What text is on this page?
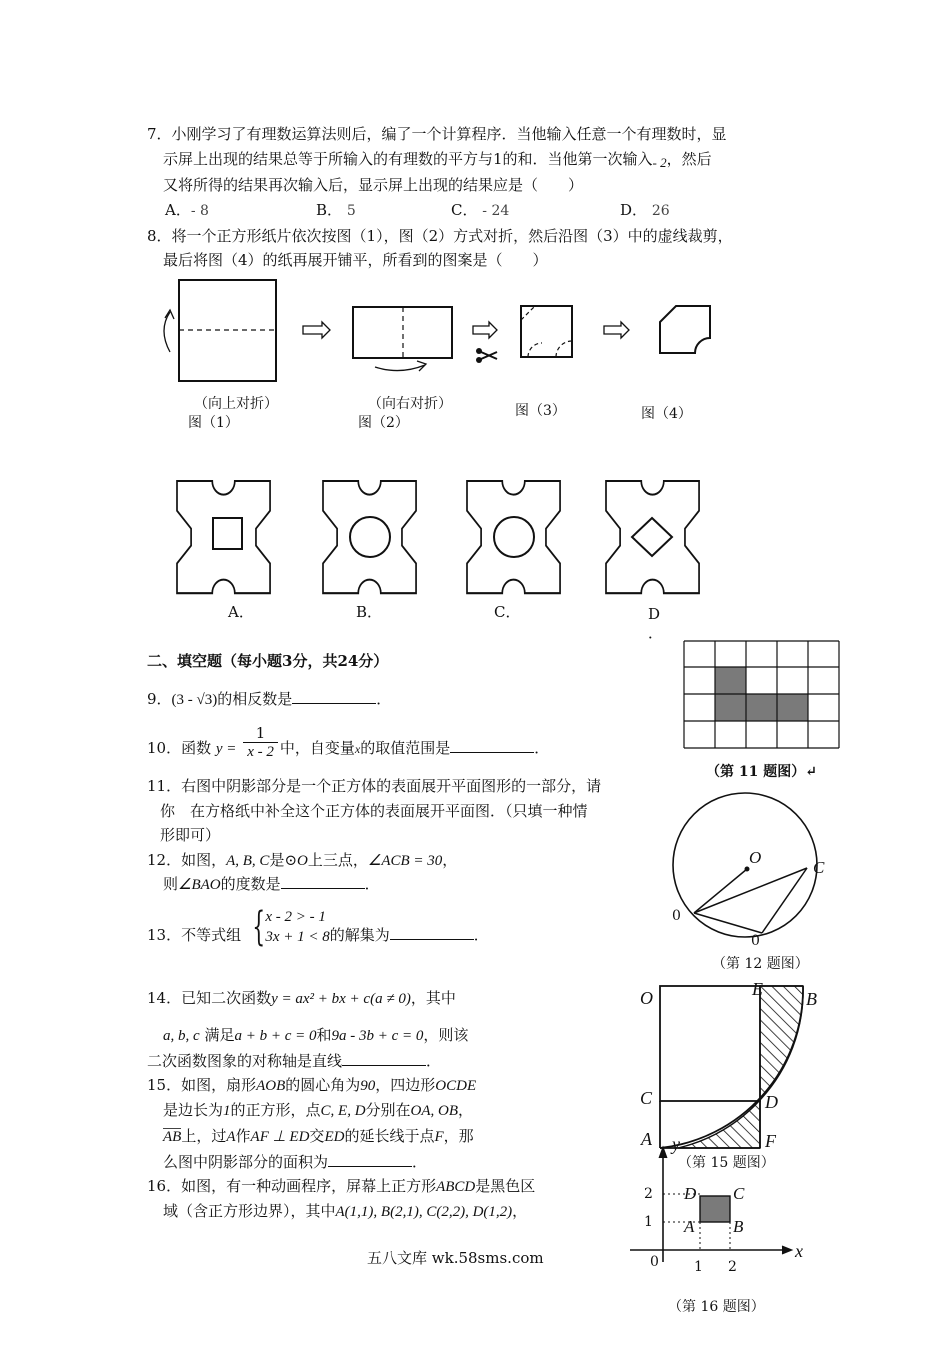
7．小刚学习了有理数运算法则后，编了一个计算程序．当他输入任意一个有理数时，显
示屏上出现的结果总等于所输入的有理数的平方与1的和．当他第一次输入- 2，然后
又将所得的结果再次输入后，显示屏上出现的结果应是（　　）
A．- 8	B． 5	C． - 24	D． 26
8．将一个正方形纸片依次按图（1），图（2）方式对折，然后沿图（3）中的虚线裁剪，
最后将图（4）的纸再展开铺平，所看到的图案是（　　）
（向上对折）
图（1）
（向右对折）
图（2）
图（3）	图（4）
A．	B．	C．	D
．
二、填空题（每小题3分，共24分）
9．(3 - √3)的相反数是	．
10．函数 $y = \frac{1}{x - 2}$ 中，自变量x的取值范围是	．
11．右图中阴影部分是一个正方体的表面展开平面图形的一部分，请
你　在方格纸中补全这个正方体的表面展开平面图．（只填一种情
形即可）
（第 11 题图）↵
12．如图，A, B, C是⊙O上三点，∠ACB = 30，
则∠BAO的度数是	．
O
C
0
0
（第 12 题图）
13．不等式组 { x - 2 > - 1
3x + 1 < 8 的解集为	．
14．已知二次函数y = ax² + bx + c(a ≠ 0)，其中
a, b, c 满足a + b + c = 0和9a - 3b + c = 0，则该
二次函数图象的对称轴是直线	．
15．如图，扇形AOB的圆心角为90，四边形OCDE
是边长为1的正方形，点C, E, D分别在OA, OB，
AB上，过A作AF ⊥ ED交ED的延长线于点F，那
么图中阴影部分的面积为	．
O	E B
C	D
A	F
（第 15 题图）
16．如图，有一种动画程序，屏幕上正方形ABCD是黑色区
域（含正方形边界），其中A(1,1), B(2,1), C(2,2), D(1,2)，
y
x
0	1 2
1
2 D C
A B
（第 16 题图）
五八文库 wk.58sms.com
